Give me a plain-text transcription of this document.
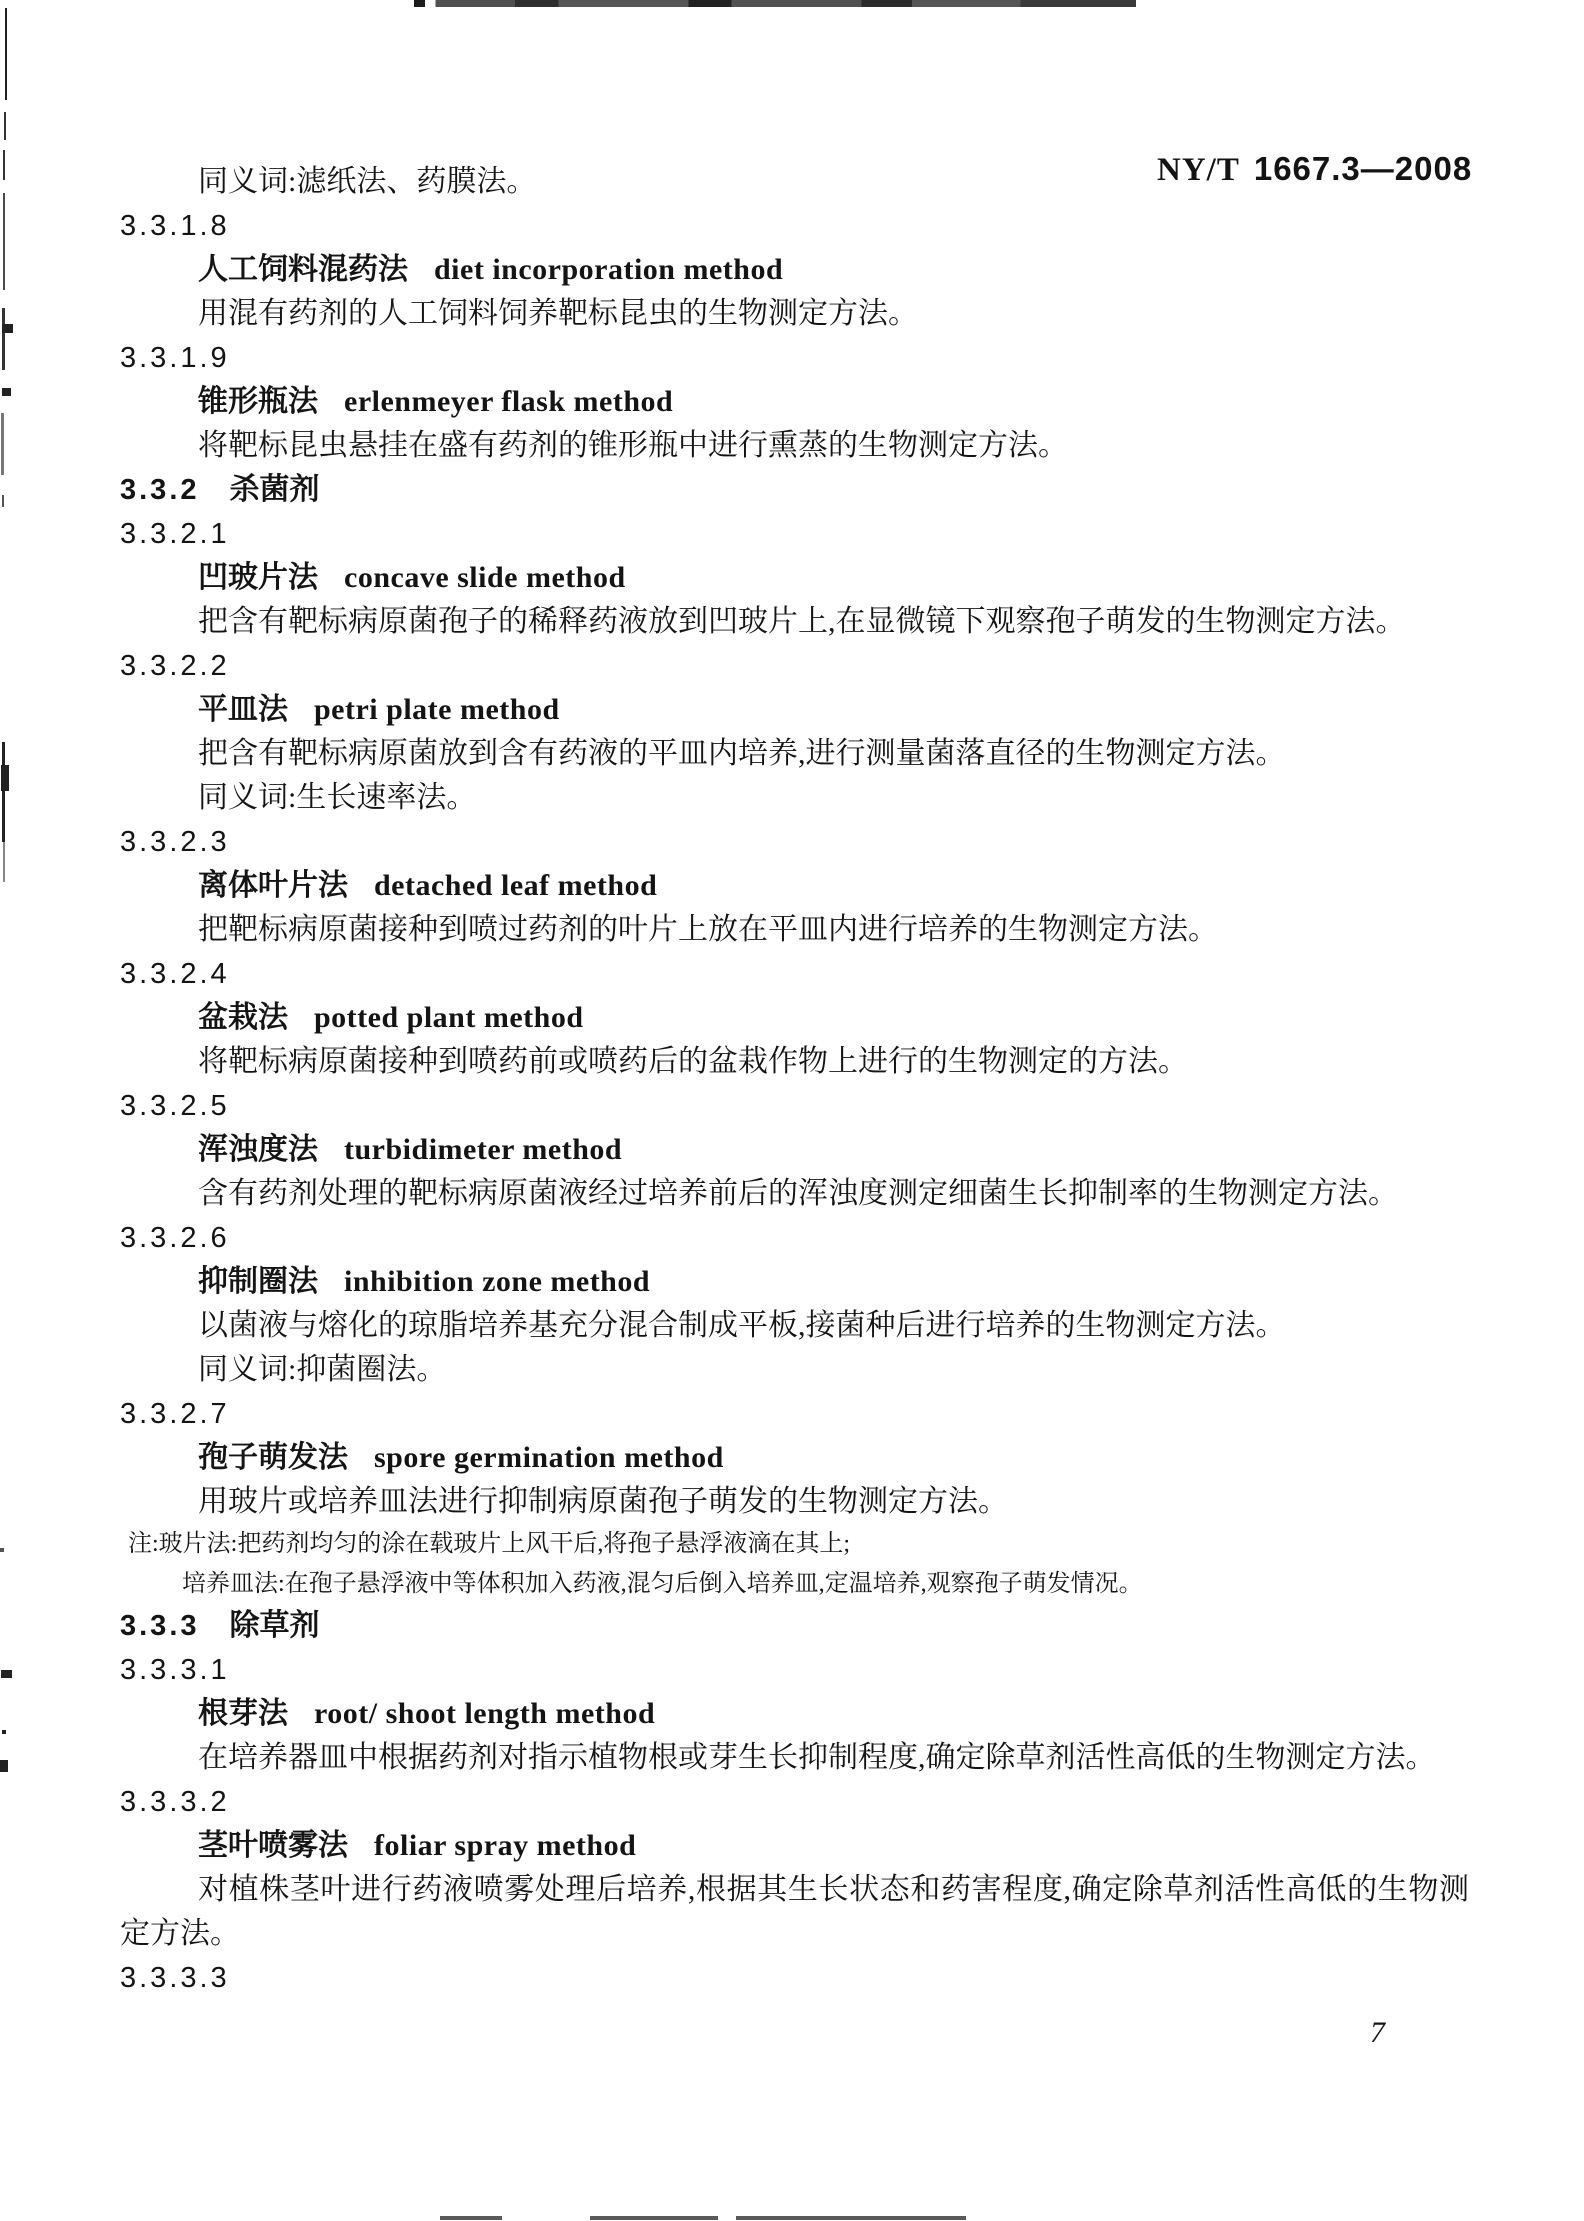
NY/T 1667.3—2008
同义词:滤纸法、药膜法。
3.3.1.8
人工饲料混药法 diet incorporation method
用混有药剂的人工饲料饲养靶标昆虫的生物测定方法。
3.3.1.9
锥形瓶法 erlenmeyer flask method
将靶标昆虫悬挂在盛有药剂的锥形瓶中进行熏蒸的生物测定方法。
3.3.2 杀菌剂
3.3.2.1
凹玻片法 concave slide method
把含有靶标病原菌孢子的稀释药液放到凹玻片上,在显微镜下观察孢子萌发的生物测定方法。
3.3.2.2
平皿法 petri plate method
把含有靶标病原菌放到含有药液的平皿内培养,进行测量菌落直径的生物测定方法。
同义词:生长速率法。
3.3.2.3
离体叶片法 detached leaf method
把靶标病原菌接种到喷过药剂的叶片上放在平皿内进行培养的生物测定方法。
3.3.2.4
盆栽法 potted plant method
将靶标病原菌接种到喷药前或喷药后的盆栽作物上进行的生物测定的方法。
3.3.2.5
浑浊度法 turbidimeter method
含有药剂处理的靶标病原菌液经过培养前后的浑浊度测定细菌生长抑制率的生物测定方法。
3.3.2.6
抑制圈法 inhibition zone method
以菌液与熔化的琼脂培养基充分混合制成平板,接菌种后进行培养的生物测定方法。
同义词:抑菌圈法。
3.3.2.7
孢子萌发法 spore germination method
用玻片或培养皿法进行抑制病原菌孢子萌发的生物测定方法。
注:玻片法:把药剂均匀的涂在载玻片上风干后,将孢子悬浮液滴在其上;
培养皿法:在孢子悬浮液中等体积加入药液,混匀后倒入培养皿,定温培养,观察孢子萌发情况。
3.3.3 除草剂
3.3.3.1
根芽法 root/ shoot length method
在培养器皿中根据药剂对指示植物根或芽生长抑制程度,确定除草剂活性高低的生物测定方法。
3.3.3.2
茎叶喷雾法 foliar spray method
对植株茎叶进行药液喷雾处理后培养,根据其生长状态和药害程度,确定除草剂活性高低的生物测定方法。
3.3.3.3
7
